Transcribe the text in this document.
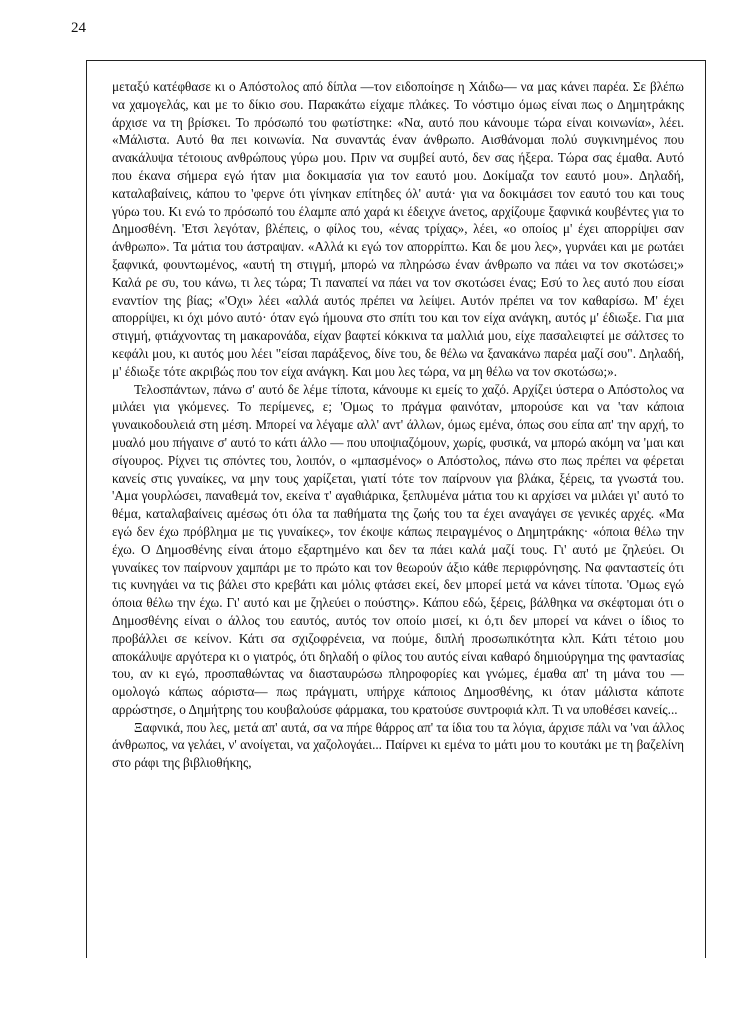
24

μεταξύ κατέφθασε κι ο Απόστολος από δίπλα —τον ειδοποίησε η Χάιδω— να μας κάνει παρέα. Σε βλέπω να χαμογελάς, και με το δίκιο σου. Παρακάτω είχαμε πλάκες. Το νόστιμο όμως είναι πως ο Δημητράκης άρχισε να τη βρίσκει. Το πρόσωπό του φωτίστηκε: «Να, αυτό που κάνουμε τώρα είναι κοινωνία», λέει. «Μάλιστα. Αυτό θα πει κοινωνία. Να συναντάς έναν άνθρωπο. Αισθάνομαι πολύ συγκινημένος που ανακάλυψα τέτοιους ανθρώπους γύρω μου. Πριν να συμβεί αυτό, δεν σας ήξερα. Τώρα σας έμαθα. Αυτό που έκανα σήμερα εγώ ήταν μια δοκιμασία για τον εαυτό μου. Δοκίμαζα τον εαυτό μου». Δηλαδή, καταλαβαίνεις, κάπου το 'φερνε ότι γίνηκαν επίτηδες όλ' αυτά· για να δοκιμάσει τον εαυτό του και τους γύρω του. Κι ενώ το πρόσωπό του έλαμπε από χαρά κι έδειχνε άνετος, αρχίζουμε ξαφνικά κουβέντες για το Δημοσθένη. 'Ετσι λεγόταν, βλέπεις, ο φίλος του, «ένας τρίχας», λέει, «ο οποίος μ' έχει απορρίψει σαν άνθρωπο». Τα μάτια του άστραψαν. «Αλλά κι εγώ τον απορρίπτω. Και δε μου λες», γυρνάει και με ρωτάει ξαφνικά, φουντωμένος, «αυτή τη στιγμή, μπορώ να πληρώσω έναν άνθρωπο να πάει να τον σκοτώσει;» Καλά ρε συ, του κάνω, τι λες τώρα; Τι παναπεί να πάει να τον σκοτώσει ένας; Εσύ το λες αυτό που είσαι εναντίον της βίας; «'Οχι» λέει «αλλά αυτός πρέπει να λείψει. Αυτόν πρέπει να τον καθαρίσω. Μ' έχει απορρίψει, κι όχι μόνο αυτό· όταν εγώ ήμουνα στο σπίτι του και τον είχα ανάγκη, αυτός μ' έδιωξε. Για μια στιγμή, φτιάχνοντας τη μακαρονάδα, είχαν βαφτεί κόκκινα τα μαλλιά μου, είχε πασαλειφτεί με σάλτσες το κεφάλι μου, κι αυτός μου λέει "είσαι παράξενος, δίνε του, δε θέλω να ξανακάνω παρέα μαζί σου". Δηλαδή, μ' έδιωξε τότε ακριβώς που τον είχα ανάγκη. Και μου λες τώρα, να μη θέλω να τον σκοτώσω;».

Τελοσπάντων, πάνω σ' αυτό δε λέμε τίποτα, κάνουμε κι εμείς το χαζό. Αρχίζει ύστερα ο Απόστολος να μιλάει για γκόμενες. Το περίμενες, ε; 'Ομως το πράγμα φαινόταν, μπορούσε και να 'ταν κάποια γυναικοδουλειά στη μέση. Μπορεί να λέγαμε αλλ' αντ' άλλων, όμως εμένα, όπως σου είπα απ' την αρχή, το μυαλό μου πήγαινε σ' αυτό το κάτι άλλο — που υποψιαζόμουν, χωρίς, φυσικά, να μπορώ ακόμη να 'μαι και σίγουρος. Ρίχνει τις σπόντες του, λοιπόν, ο «μπασμένος» ο Απόστολος, πάνω στο πως πρέπει να φέρεται κανείς στις γυναίκες, να μην τους χαρίζεται, γιατί τότε τον παίρνουν για βλάκα, ξέρεις, τα γνωστά του. 'Αμα γουρλώσει, παναθεμά τον, εκείνα τ' αγαθιάρικα, ξεπλυμένα μάτια του κι αρχίσει να μιλάει γι' αυτό το θέμα, καταλαβαίνεις αμέσως ότι όλα τα παθήματα της ζωής του τα έχει αναγάγει σε γενικές αρχές. «Μα εγώ δεν έχω πρόβλημα με τις γυναίκες», τον έκοψε κάπως πειραγμένος ο Δημητράκης· «όποια θέλω την έχω. Ο Δημοσθένης είναι άτομο εξαρτημένο και δεν τα πάει καλά μαζί τους. Γι' αυτό με ζηλεύει. Οι γυναίκες τον παίρνουν χαμπάρι με το πρώτο και τον θεωρούν άξιο κάθε περιφρόνησης. Να φανταστείς ότι τις κυνηγάει να τις βάλει στο κρεβάτι και μόλις φτάσει εκεί, δεν μπορεί μετά να κάνει τίποτα. 'Ομως εγώ όποια θέλω την έχω. Γι' αυτό και με ζηλεύει ο πούστης». Κάπου εδώ, ξέρεις, βάλθηκα να σκέφτομαι ότι ο Δημοσθένης είναι ο άλλος του εαυτός, αυτός τον οποίο μισεί, κι ό,τι δεν μπορεί να κάνει ο ίδιος το προβάλλει σε κείνον. Κάτι σα σχιζοφρένεια, να πούμε, διπλή προσωπικότητα κλπ. Κάτι τέτοιο μου αποκάλυψε αργότερα κι ο γιατρός, ότι δηλαδή ο φίλος του αυτός είναι καθαρό δημιούργημα της φαντασίας του, αν κι εγώ, προσπαθώντας να διασταυρώσω πληροφορίες και γνώμες, έμαθα απ' τη μάνα του —ομολογώ κάπως αόριστα— πως πράγματι, υπήρχε κάποιος Δημοσθένης, κι όταν μάλιστα κάποτε αρρώστησε, ο Δημήτρης του κουβαλούσε φάρμακα, του κρατούσε συντροφιά κλπ. Τι να υποθέσει κανείς...

Ξαφνικά, που λες, μετά απ' αυτά, σα να πήρε θάρρος απ' τα ίδια του τα λόγια, άρχισε πάλι να 'ναι άλλος άνθρωπος, να γελάει, ν' ανοίγεται, να χαζολογάει... Παίρνει κι εμένα το μάτι μου το κουτάκι με τη βαζελίνη στο ράφι της βιβλιοθήκης,
